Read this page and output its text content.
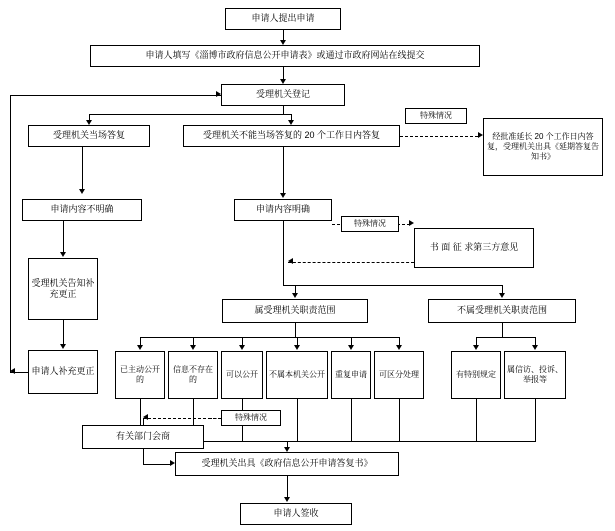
申请人提出申请
申请人填写《淄博市政府信息公开申请表》或通过市政府网站在线提交
受理机关登记
受理机关当场答复	受理机关不能当场答复的 20 个工作日内答复	经批准延长 20 个工作日内答复，受理机关出具《延期答复告知书》
特殊情况
申请内容不明确	申请内容明确
特殊情况
书 面 征 求第三方意见
受理机关告知补充更正
申请人补充更正
属受理机关职责范围	不属受理机关职责范围
已主动公开的
信息不存在的
可以公开 不属本机关公开 重复申请 可区分处理	有特别规定
属信访、投诉、举报等
特殊情况
有关部门会商
受理机关出具《政府信息公开申请答复书》
申请人签收
